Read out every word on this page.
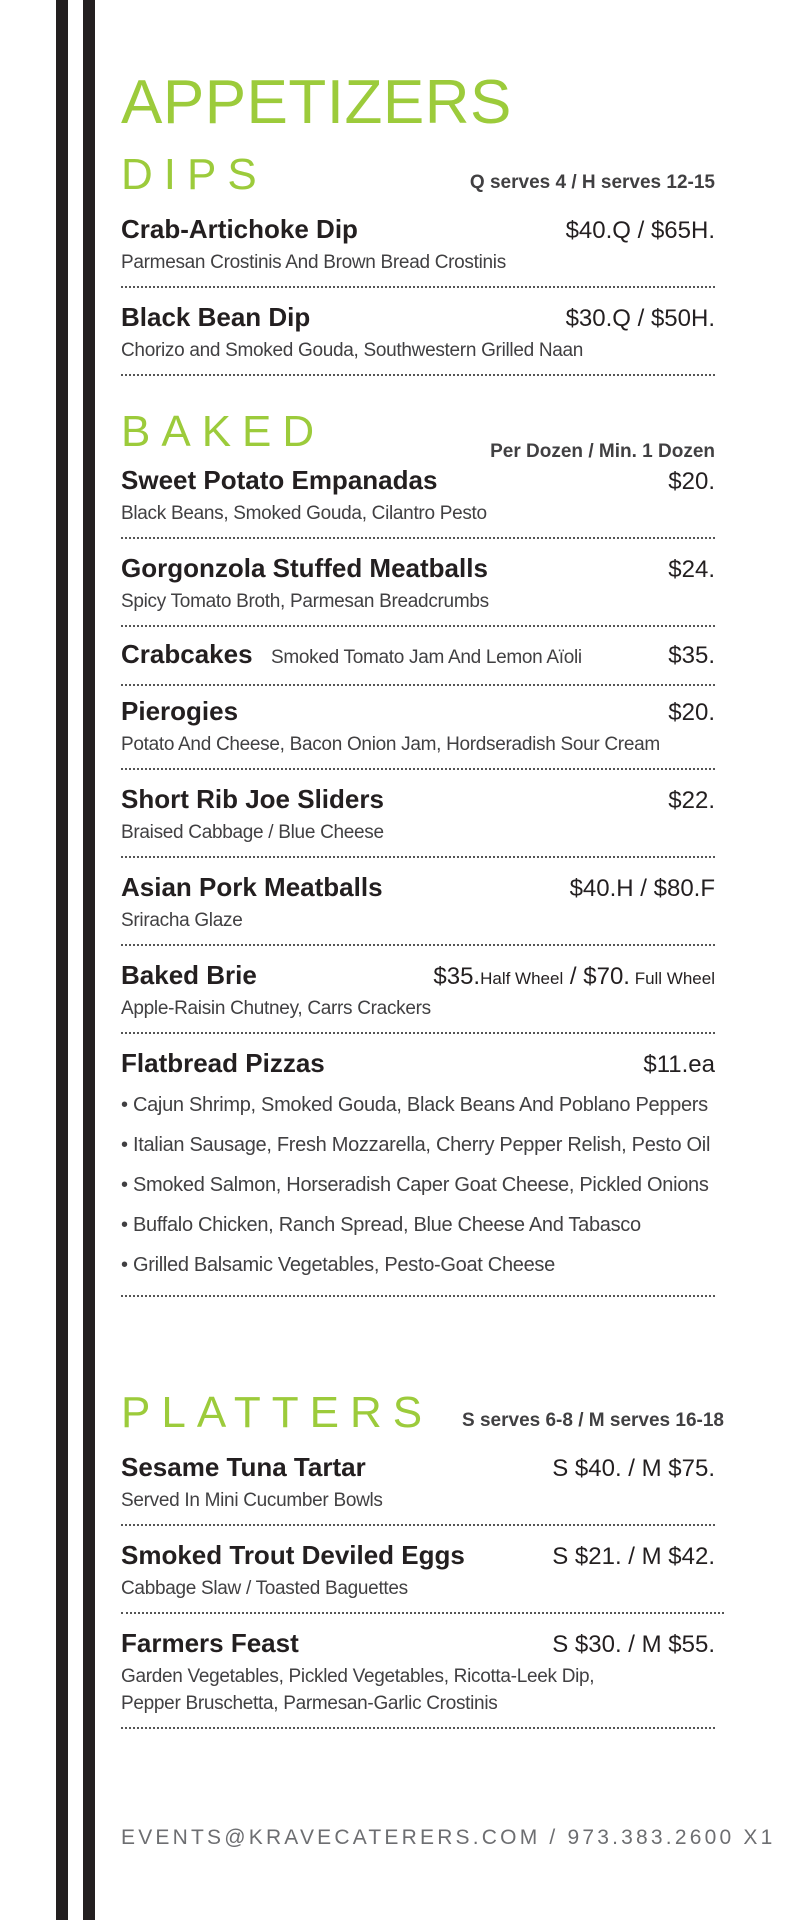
APPETIZERS
DIPS	Q serves 4 / H serves 12-15
Crab-Artichoke Dip	$40.Q / $65H.
Parmesan Crostinis And Brown Bread Crostinis
Black Bean Dip	$30.Q / $50H.
Chorizo and Smoked Gouda, Southwestern Grilled Naan
BAKED	Per Dozen / Min. 1 Dozen
Sweet Potato Empanadas	$20.
Black Beans, Smoked Gouda, Cilantro Pesto
Gorgonzola Stuffed Meatballs	$24.
Spicy Tomato Broth, Parmesan Breadcrumbs
Crabcakes Smoked Tomato Jam And Lemon Aïoli	$35.
Pierogies	$20.
Potato And Cheese, Bacon Onion Jam, Hordseradish Sour Cream
Short Rib Joe Sliders	$22.
Braised Cabbage / Blue Cheese
Asian Pork Meatballs	$40.H / $80.F
Sriracha Glaze
Baked Brie	$35.Half Wheel / $70. Full Wheel
Apple-Raisin Chutney, Carrs Crackers
Flatbread Pizzas	$11.ea
• Cajun Shrimp, Smoked Gouda, Black Beans And Poblano Peppers
• Italian Sausage, Fresh Mozzarella, Cherry Pepper Relish, Pesto Oil
• Smoked Salmon, Horseradish Caper Goat Cheese, Pickled Onions
• Buffalo Chicken, Ranch Spread, Blue Cheese And Tabasco
• Grilled Balsamic Vegetables, Pesto-Goat Cheese
PLATTERS S serves 6-8 / M serves 16-18
Sesame Tuna Tartar	S $40. / M $75.
Served In Mini Cucumber Bowls
Smoked Trout Deviled Eggs	S $21. / M $42.
Cabbage Slaw / Toasted Baguettes
Farmers Feast	S $30. / M $55.
Garden Vegetables, Pickled Vegetables, Ricotta-Leek Dip,
Pepper Bruschetta, Parmesan-Garlic Crostinis
EVENTS@KRAVECATERERS.COM / 973.383.2600 X1
